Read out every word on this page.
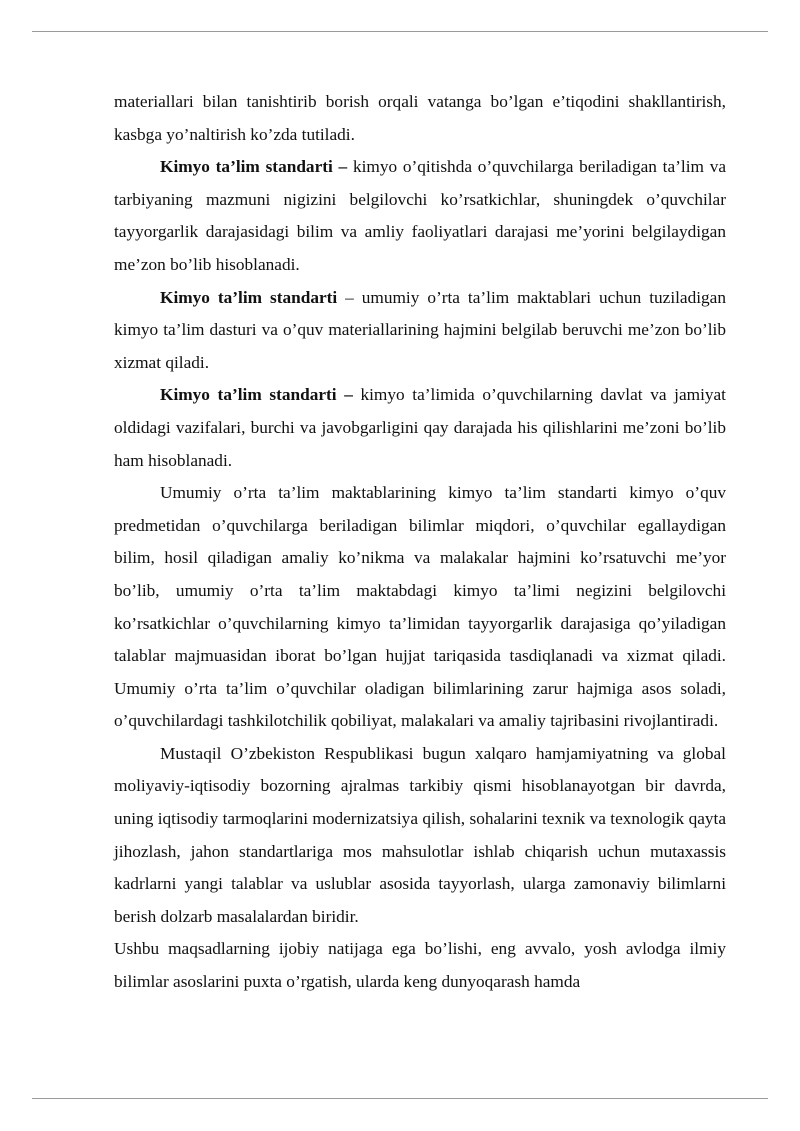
materiallari bilan tanishtirib borish orqali vatanga bo’lgan e’tiqodini shakllantirish, kasbga yo’naltirish ko’zda tutiladi.

Kimyo ta’lim standarti – kimyo o’qitishda o’quvchilarga beriladigan ta’lim va tarbiyaning mazmuni nigizini belgilovchi ko’rsatkichlar, shuningdek o’quvchilar tayyorgarlik darajasidagi bilim va amliy faoliyatlari darajasi me’yorini belgilaydigan me’zon bo’lib hisoblanadi.

Kimyo ta’lim standarti – umumiy o’rta ta’lim maktablari uchun tuziladigan kimyo ta’lim dasturi va o’quv materiallarining hajmini belgilab beruvchi me’zon bo’lib xizmat qiladi.

Kimyo ta’lim standarti – kimyo ta’limida o’quvchilarning davlat va jamiyat oldidagi vazifalari, burchi va javobgarligini qay darajada his qilishlarini me’zoni bo’lib ham hisoblanadi.

Umumiy o’rta ta’lim maktablarining kimyo ta’lim standarti kimyo o’quv predmetidan o’quvchilarga beriladigan bilimlar miqdori, o’quvchilar egallaydigan bilim, hosil qiladigan amaliy ko’nikma va malakalar hajmini ko’rsatuvchi me’yor bo’lib, umumiy o’rta ta’lim maktabdagi kimyo ta’limi negizini belgilovchi ko’rsatkichlar o’quvchilarning kimyo ta’limidan tayyorgarlik darajasiga qo’yiladigan talablar majmuasidan iborat bo’lgan hujjat tariqasida tasdiqlanadi va xizmat qiladi. Umumiy o’rta ta’lim o’quvchilar oladigan bilimlarining zarur hajmiga asos soladi, o’quvchilardagi tashkilotchilik qobiliyat, malakalari va amaliy tajribasini rivojlantiradi.

Mustaqil O’zbekiston Respublikasi bugun xalqaro hamjamiyatning va global moliyaviy-iqtisodiy bozorning ajralmas tarkibiy qismi hisoblanayotgan bir davrda, uning iqtisodiy tarmoqlarini modernizatsiya qilish, sohalarini texnik va texnologik qayta jihozlash, jahon standartlariga mos mahsulotlar ishlab chiqarish uchun mutaxassis kadrlarni yangi talablar va uslublar asosida tayyorlash, ularga zamonaviy bilimlarni berish dolzarb masalalardan biridir.

Ushbu maqsadlarning ijobiy natijaga ega bo’lishi, eng avvalo, yosh avlodga ilmiy bilimlar asoslarini puxta o’rgatish, ularda keng dunyoqarash hamda
